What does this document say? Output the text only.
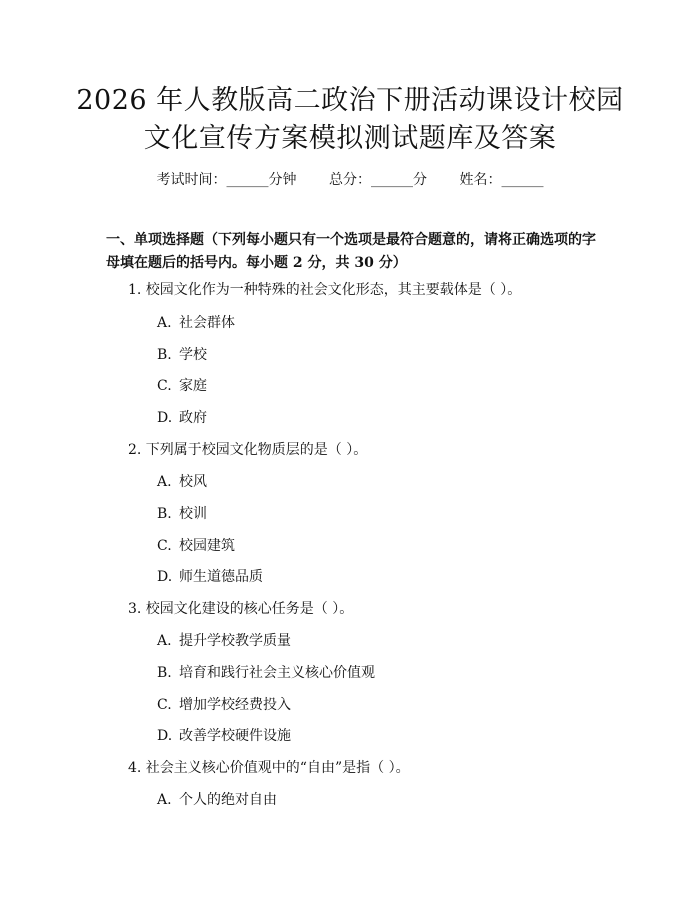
2026 年人教版高二政治下册活动课设计校园
文化宣传方案模拟测试题库及答案
考试时间：______分钟 总分：______分 姓名：______
一、单项选择题（下列每小题只有一个选项是最符合题意的，请将正确选项的字母填在题后的括号内。每小题 2 分，共 30 分）
1. 校园文化作为一种特殊的社会文化形态，其主要载体是（ ）。
A. 社会群体
B. 学校
C. 家庭
D. 政府
2. 下列属于校园文化物质层的是（ ）。
A. 校风
B. 校训
C. 校园建筑
D. 师生道德品质
3. 校园文化建设的核心任务是（ ）。
A. 提升学校教学质量
B. 培育和践行社会主义核心价值观
C. 增加学校经费投入
D. 改善学校硬件设施
4. 社会主义核心价值观中的“自由”是指（ ）。
A. 个人的绝对自由
